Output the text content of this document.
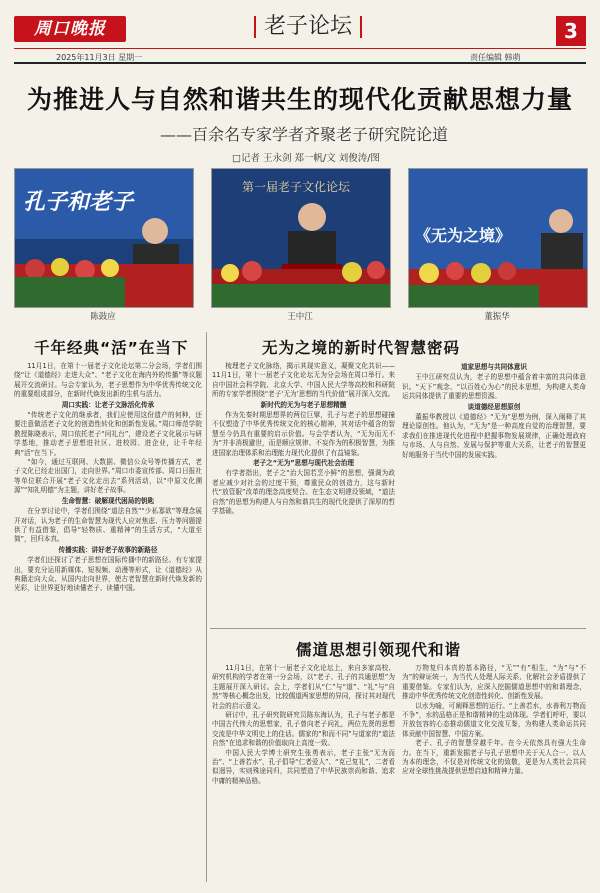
周口晚报	老子论坛	3
2025年11月3日 星期一	责任编辑 韩萌
为推进人与自然和谐共生的现代化贡献思想力量
——百余名专家学者齐聚老子研究院论道
□记者 王永剑 郑一帆/文 刘俊涛/图
孔子和老子
第一届老子文化论坛
《无为之境》
陈鼓应	王中江	董振华
千年经典“活”在当下	无为之境的新时代智慧密码
儒道思想引领现代和谐

11月1日，在第十一届老子文化论坛第二分会场，学者们围绕“让《道德经》走进大众”、“老子文化在海内外的传播”等议题展开交流研讨。与会专家认为，老子思想作为中华优秀传统文化的重要组成部分，在新时代焕发出新的生机与活力。

周口实践：让老子文脉活化传承

“传统老子文化的继承者，我们应使用这份遗产的何种，还要注意做活老子文化的创造性转化和创新性发展。”周口师范学院教授陈晓表示，周口依托老子“问礼台”，建设老子文化展示与研学基地，推动老子思想进社区、进校园、进企业，让千年经典“活”在当下。

“如今，通过互联网、大数据、微信公众号等传播方式，老子文化已经走出国门，走向世界。”周口市委宣传部、周口日报社等单位联合开展“老子文化走出去”系列活动，以“中原文化溯源”“知礼明德”为主题，讲好老子故事。

生命智慧：破解现代困局的钥匙

在分享讨论中，学者们围绕“道法自然”“少私寡欲”等理念展开对话，认为老子的生命智慧为现代人应对焦虑、压力等问题提供了有益借鉴，倡导“轻物质、重精神”的生活方式，“大道至简”，回归本真。

传播实践：讲好老子故事的新路径

学者们还探讨了老子思想在国际传播中的新路径。有专家提出，要充分运用新媒体、短视频、动漫等形式，让《道德经》从典籍走向大众、从国内走向世界，使古老智慧在新时代焕发新的光彩，让世界更好地读懂老子、读懂中国。

梳理老子文化脉络，揭示其现实意义，凝聚文化共识——11月1日，第十一届老子文化论坛无为分会场在周口举行。来自中国社会科学院、北京大学、中国人民大学等高校和科研院所的专家学者围绕“老子‘无为’思想的当代价值”展开深入交流。

新时代的无为与老子思想精髓

作为先秦时期思想界的两位巨擘，孔子与老子的思想碰撞不仅塑造了中华优秀传统文化的核心精神，其对话中蕴含的智慧至今仍具有重要的启示价值。与会学者认为，“无为而无不为”并非消极避世，而是顺应规律、不妄作为的积极智慧，为推进国家治理体系和治理能力现代化提供了有益镜鉴。

老子之“无为”思想与现代社会治理

有学者指出，老子之“治大国若烹小鲜”的思想，强调为政者应减少对社会的过度干预，尊重民众的创造力，这与新时代“放管服”改革的理念高度契合。在生态文明建设领域，“道法自然”的思想为构建人与自然和谐共生的现代化提供了深厚的哲学基础。

道家思想与共同体意识

王中江研究员认为，老子的思想中蕴含着丰富的共同体意识。“天下”观念、“以百姓心为心”的民本思想，为构建人类命运共同体提供了重要的思想资源。

谈道德经思想原创

董振华教授以《道德经》“无为”思想为例，深入阐释了其理论原创性。他认为，“无为”是一种高度自觉的治理智慧，要求我们在推进现代化进程中把握事物发展规律，正确处理政府与市场、人与自然、发展与保护等重大关系，让老子的智慧更好地服务于当代中国的发展实践。

11月1日，在第十一届老子文化论坛上，来自多家高校、研究机构的学者在第一分会场，以“老子、孔子的共通思想”为主题展开深入研讨。会上，学者们从“仁”与“道”、“礼”与“自然”等核心概念出发，比较儒道两家思想的异同，探讨其对现代社会的启示意义。

研讨中，孔子研究院研究员陈东海认为，孔子与老子都是中国古代伟大的思想家，孔子曾向老子问礼，两位先贤的思想交流是中华文明史上的佳话。儒家的“和而不同”与道家的“道法自然”在追求和谐的价值取向上高度一致。

中国人民大学博士研究生张勇表示，老子主张“无为而治”、“上善若水”，孔子倡导“仁者爱人”、“克己复礼”，二者看似迥异，实则殊途同归，共同塑造了中华民族崇尚和谐、追求中庸的精神品格。

万物复归本真的基本路径，“无”“有”相生，“为”与“不为”的辩证统一，为当代人处理人际关系、化解社会矛盾提供了重要借鉴。专家们认为，应深入挖掘儒道思想中的和谐理念，推动中华优秀传统文化创造性转化、创新性发展。

以水为喻，可阐释思想的运行。“上善若水，水善利万物而不争”，水的品格正是和谐精神的生动体现。学者们呼吁，要以开放包容的心态推动儒道文化交流互鉴，为构建人类命运共同体贡献中国智慧、中国方案。

老子、孔子的智慧穿越千年。在今天依然具有强大生命力。在当下，重新发掘老子与孔子思想中关于天人合一、以人为本的理念，不仅是对传统文化的致敬，更是为人类社会共同应对全球性挑战提供思想启迪和精神力量。
